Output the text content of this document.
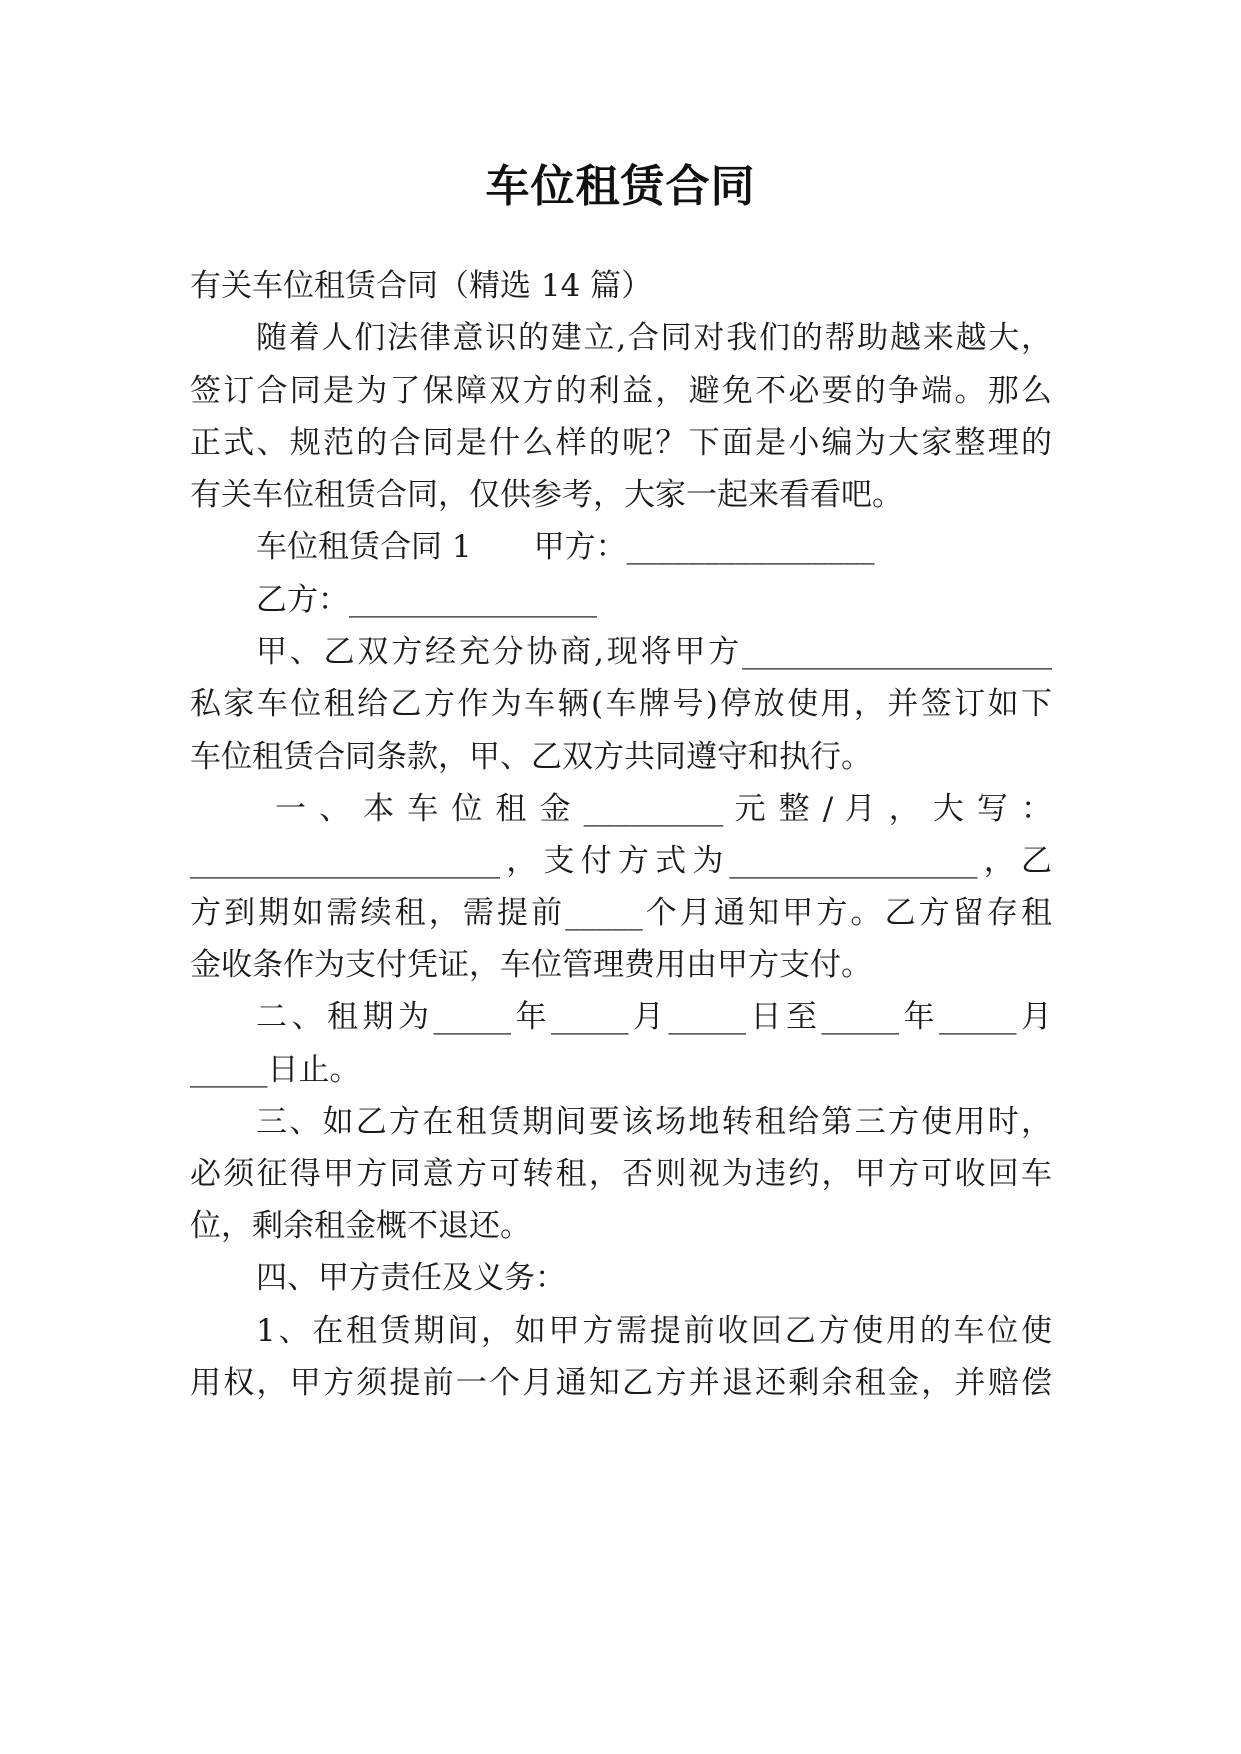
车位租赁合同

有关车位租赁合同（精选 14 篇）

随着人们法律意识的建立,合同对我们的帮助越来越大，

签订合同是为了保障双方的利益，避免不必要的争端。那么

正式、规范的合同是什么样的呢？下面是小编为大家整理的

有关车位租赁合同，仅供参考，大家一起来看看吧。

车位租赁合同 1　　甲方：________________

乙方：________________

甲、乙双方经充分协商,现将甲方____________________

私家车位租给乙方作为车辆(车牌号)停放使用，并签订如下

车位租赁合同条款，甲、乙双方共同遵守和执行。

一 、 本 车 位 租 金 _________ 元 整 / 月 ， 大 写 ：

____________________，支付方式为________________，乙

方到期如需续租，需提前_____个月通知甲方。乙方留存租

金收条作为支付凭证，车位管理费用由甲方支付。

二、租期为_____年_____月_____日至_____年_____月

_____日止。

三、如乙方在租赁期间要该场地转租给第三方使用时，

必须征得甲方同意方可转租，否则视为违约，甲方可收回车

位，剩余租金概不退还。

四、甲方责任及义务：

1、在租赁期间，如甲方需提前收回乙方使用的车位使

用权，甲方须提前一个月通知乙方并退还剩余租金，并赔偿
